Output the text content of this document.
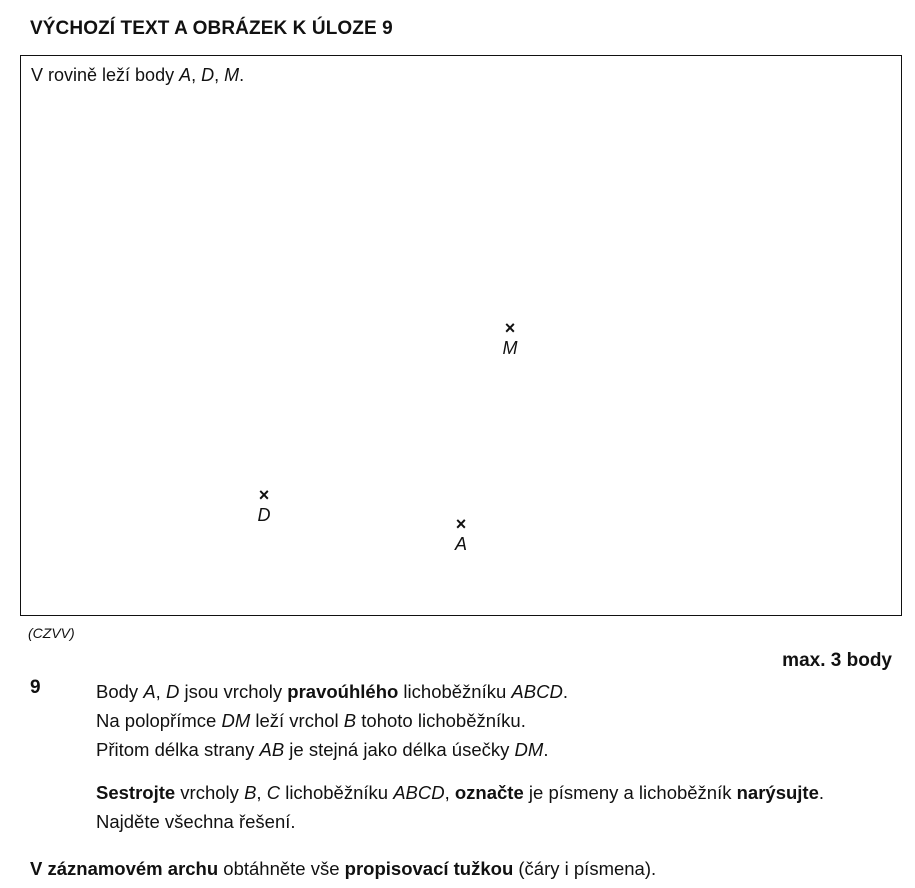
VÝCHOZÍ TEXT A OBRÁZEK K ÚLOZE 9
V rovině leží body A, D, M.
×
M
×
D	×
A
(CZVV)
max. 3 body
9	Body A, D jsou vrcholy pravoúhlého lichoběžníku ABCD.

Na polopřímce DM leží vrchol B tohoto lichoběžníku.

Přitom délka strany AB je stejná jako délka úsečky DM.

Sestrojte vrcholy B, C lichoběžníku ABCD, označte je písmeny a lichoběžník narýsujte.

Najděte všechna řešení.

V záznamovém archu obtáhněte vše propisovací tužkou (čáry i písmena).
